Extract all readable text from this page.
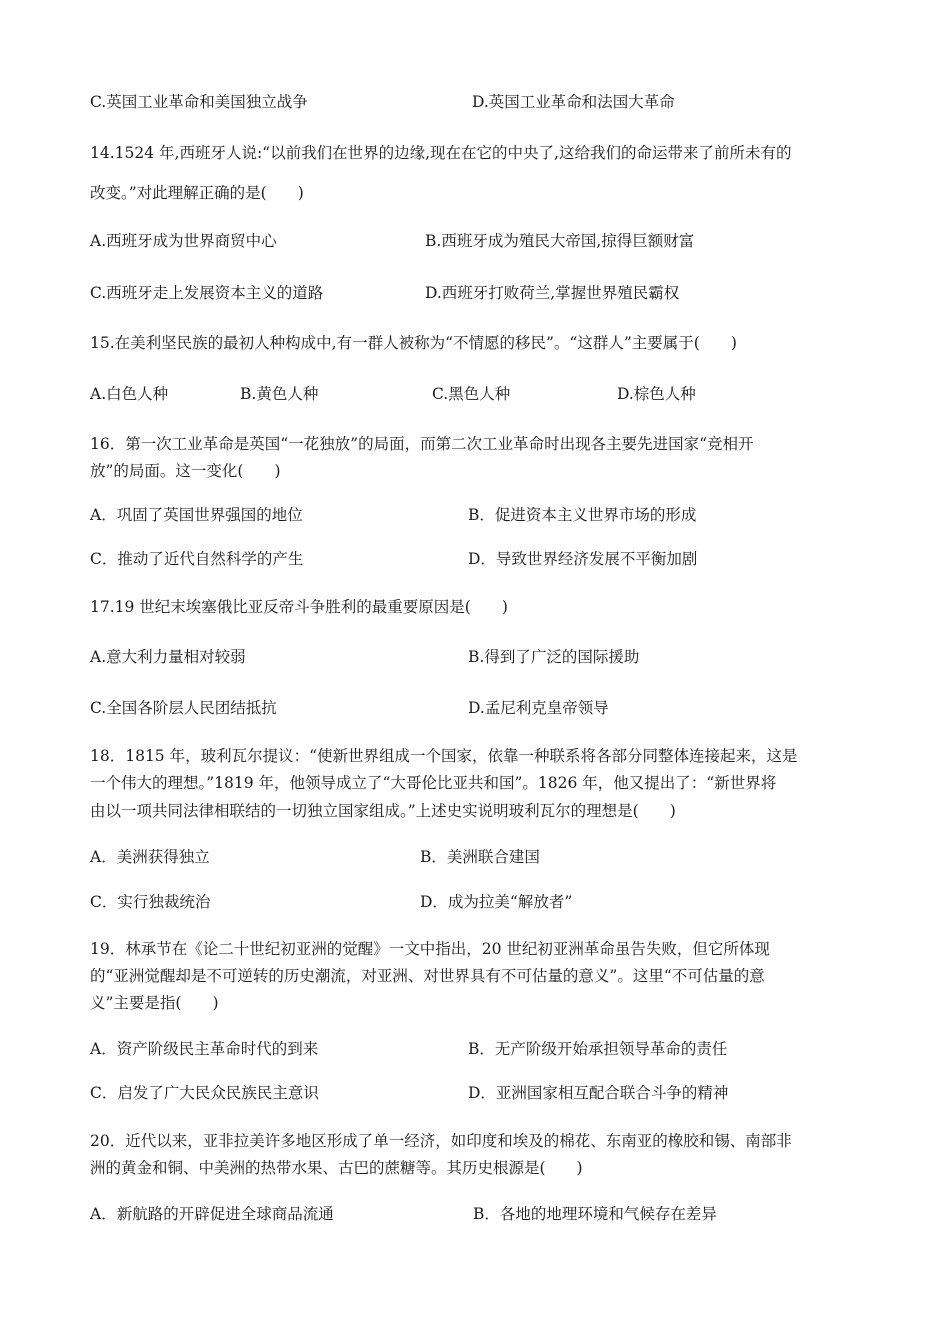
C.英国工业革命和美国独立战争	D.英国工业革命和法国大革命
14.1524 年,西班牙人说:“以前我们在世界的边缘,现在在它的中央了,这给我们的命运带来了前所未有的
改变。”对此理解正确的是(　　)
A.西班牙成为世界商贸中心	B.西班牙成为殖民大帝国,掠得巨额财富
C.西班牙走上发展资本主义的道路	D.西班牙打败荷兰,掌握世界殖民霸权
15.在美利坚民族的最初人种构成中,有一群人被称为“不情愿的移民”。“这群人”主要属于(　　)
A.白色人种	B.黄色人种	C.黑色人种	D.棕色人种
16．第一次工业革命是英国“一花独放”的局面，而第二次工业革命时出现各主要先进国家“竞相开
放”的局面。这一变化(　　)
A．巩固了英国世界强国的地位	B．促进资本主义世界市场的形成
C．推动了近代自然科学的产生	D．导致世界经济发展不平衡加剧
17.19 世纪末埃塞俄比亚反帝斗争胜利的最重要原因是(　　)
A.意大利力量相对较弱	B.得到了广泛的国际援助
C.全国各阶层人民团结抵抗	D.孟尼利克皇帝领导
18．1815 年，玻利瓦尔提议：“使新世界组成一个国家，依靠一种联系将各部分同整体连接起来，这是
一个伟大的理想。”1819 年，他领导成立了“大哥伦比亚共和国”。1826 年，他又提出了：“新世界将
由以一项共同法律相联结的一切独立国家组成。”上述史实说明玻利瓦尔的理想是(　　)
A．美洲获得独立	B．美洲联合建国
C．实行独裁统治	D．成为拉美“解放者”
19．林承节在《论二十世纪初亚洲的觉醒》一文中指出，20 世纪初亚洲革命虽告失败，但它所体现
的“亚洲觉醒却是不可逆转的历史潮流，对亚洲、对世界具有不可估量的意义”。这里“不可估量的意
义”主要是指(　　)
A．资产阶级民主革命时代的到来	B．无产阶级开始承担领导革命的责任
C．启发了广大民众民族民主意识	D．亚洲国家相互配合联合斗争的精神
20．近代以来，亚非拉美许多地区形成了单一经济，如印度和埃及的棉花、东南亚的橡胶和锡、南部非
洲的黄金和铜、中美洲的热带水果、古巴的蔗糖等。其历史根源是(　　)
A．新航路的开辟促进全球商品流通	B．各地的地理环境和气候存在差异
